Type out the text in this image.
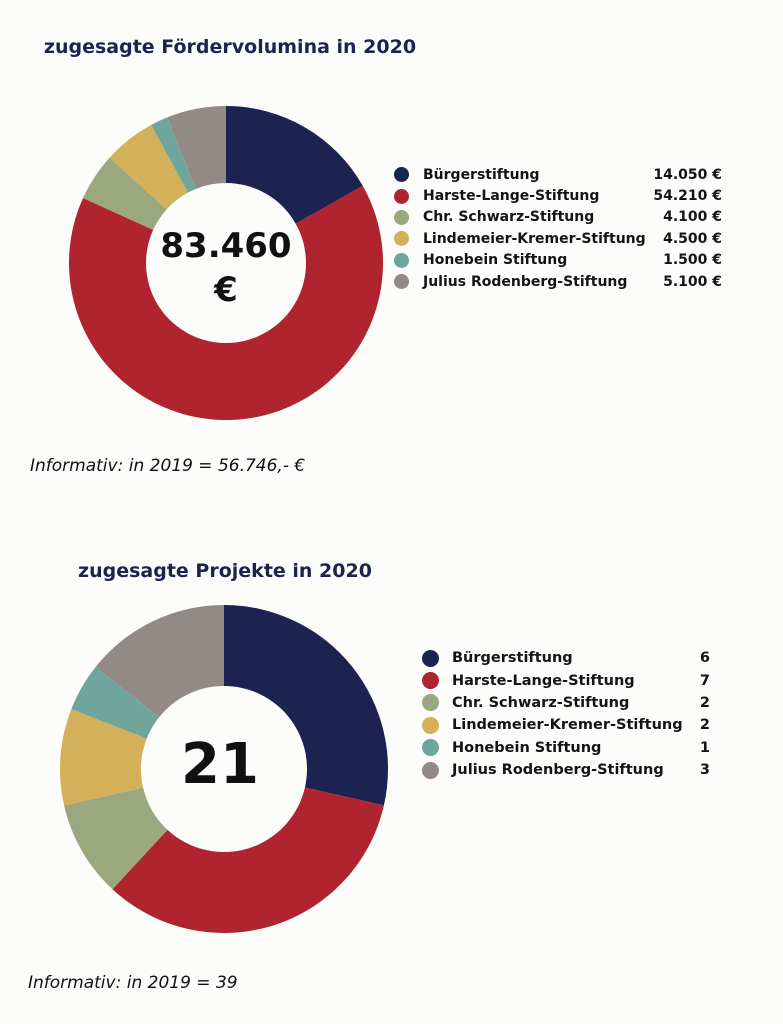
zugesagte Fördervolumina in 2020
83.460
€
Bürgerstiftung	14.050 €
Harste-Lange-Stiftung	54.210 €
Chr. Schwarz-Stiftung	4.100 €
Lindemeier-Kremer-Stiftung	4.500 €
Honebein Stiftung	1.500 €
Julius Rodenberg-Stiftung	5.100 €
Informativ: in 2019 = 56.746,- €
zugesagte Projekte in 2020
21
Bürgerstiftung	6
Harste-Lange-Stiftung	7
Chr. Schwarz-Stiftung	2
Lindemeier-Kremer-Stiftung	2
Honebein Stiftung	1
Julius Rodenberg-Stiftung	3
Informativ: in 2019 = 39
